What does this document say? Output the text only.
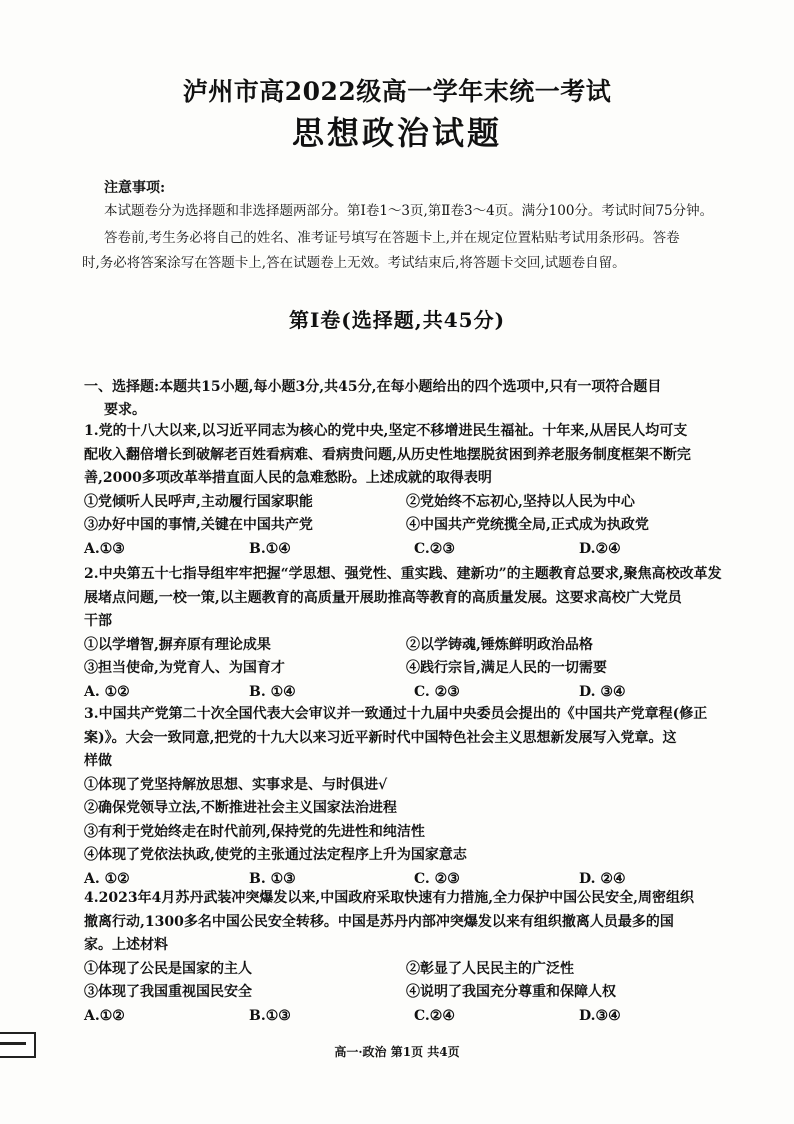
泸州市高2022级高一学年末统一考试
思想政治试题
注意事项:
本试题卷分为选择题和非选择题两部分。第Ⅰ卷1～3页,第Ⅱ卷3～4页。满分100分。考试时间75分钟。
答卷前,考生务必将自己的姓名、准考证号填写在答题卡上,并在规定位置粘贴考试用条形码。答卷
时,务必将答案涂写在答题卡上,答在试题卷上无效。考试结束后,将答题卡交回,试题卷自留。
第Ⅰ卷(选择题,共45分)
一、选择题:本题共15小题,每小题3分,共45分,在每小题给出的四个选项中,只有一项符合题目
要求。
1.党的十八大以来,以习近平同志为核心的党中央,坚定不移增进民生福祉。十年来,从居民人均可支
配收入翻倍增长到破解老百姓看病难、看病贵问题,从历史性地摆脱贫困到养老服务制度框架不断完
善,2000多项改革举措直面人民的急难愁盼。上述成就的取得表明
①党倾听人民呼声,主动履行国家职能	②党始终不忘初心,坚持以人民为中心
③办好中国的事情,关键在中国共产党	④中国共产党统揽全局,正式成为执政党
A.①③	B.①④	C.②③	D.②④
2.中央第五十七指导组牢牢把握“学思想、强党性、重实践、建新功”的主题教育总要求,聚焦高校改革发
展堵点问题,一校一策,以主题教育的高质量开展助推高等教育的高质量发展。这要求高校广大党员
干部
①以学增智,摒弃原有理论成果	②以学铸魂,锤炼鲜明政治品格
③担当使命,为党育人、为国育才	④践行宗旨,满足人民的一切需要
A. ①②	B. ①④	C. ②③	D. ③④
3.中国共产党第二十次全国代表大会审议并一致通过十九届中央委员会提出的《中国共产党章程(修正
案)》。大会一致同意,把党的十九大以来习近平新时代中国特色社会主义思想新发展写入党章。这
样做
①体现了党坚持解放思想、实事求是、与时俱进√
②确保党领导立法,不断推进社会主义国家法治进程
③有利于党始终走在时代前列,保持党的先进性和纯洁性
④体现了党依法执政,使党的主张通过法定程序上升为国家意志
A. ①②	B. ①③	C. ②③	D. ②④
4.2023年4月苏丹武装冲突爆发以来,中国政府采取快速有力措施,全力保护中国公民安全,周密组织
撤离行动,1300多名中国公民安全转移。中国是苏丹内部冲突爆发以来有组织撤离人员最多的国
家。上述材料
①体现了公民是国家的主人	②彰显了人民民主的广泛性
③体现了我国重视国民安全	④说明了我国充分尊重和保障人权
A.①②	B.①③	C.②④	D.③④
高一·政治 第1页 共4页
